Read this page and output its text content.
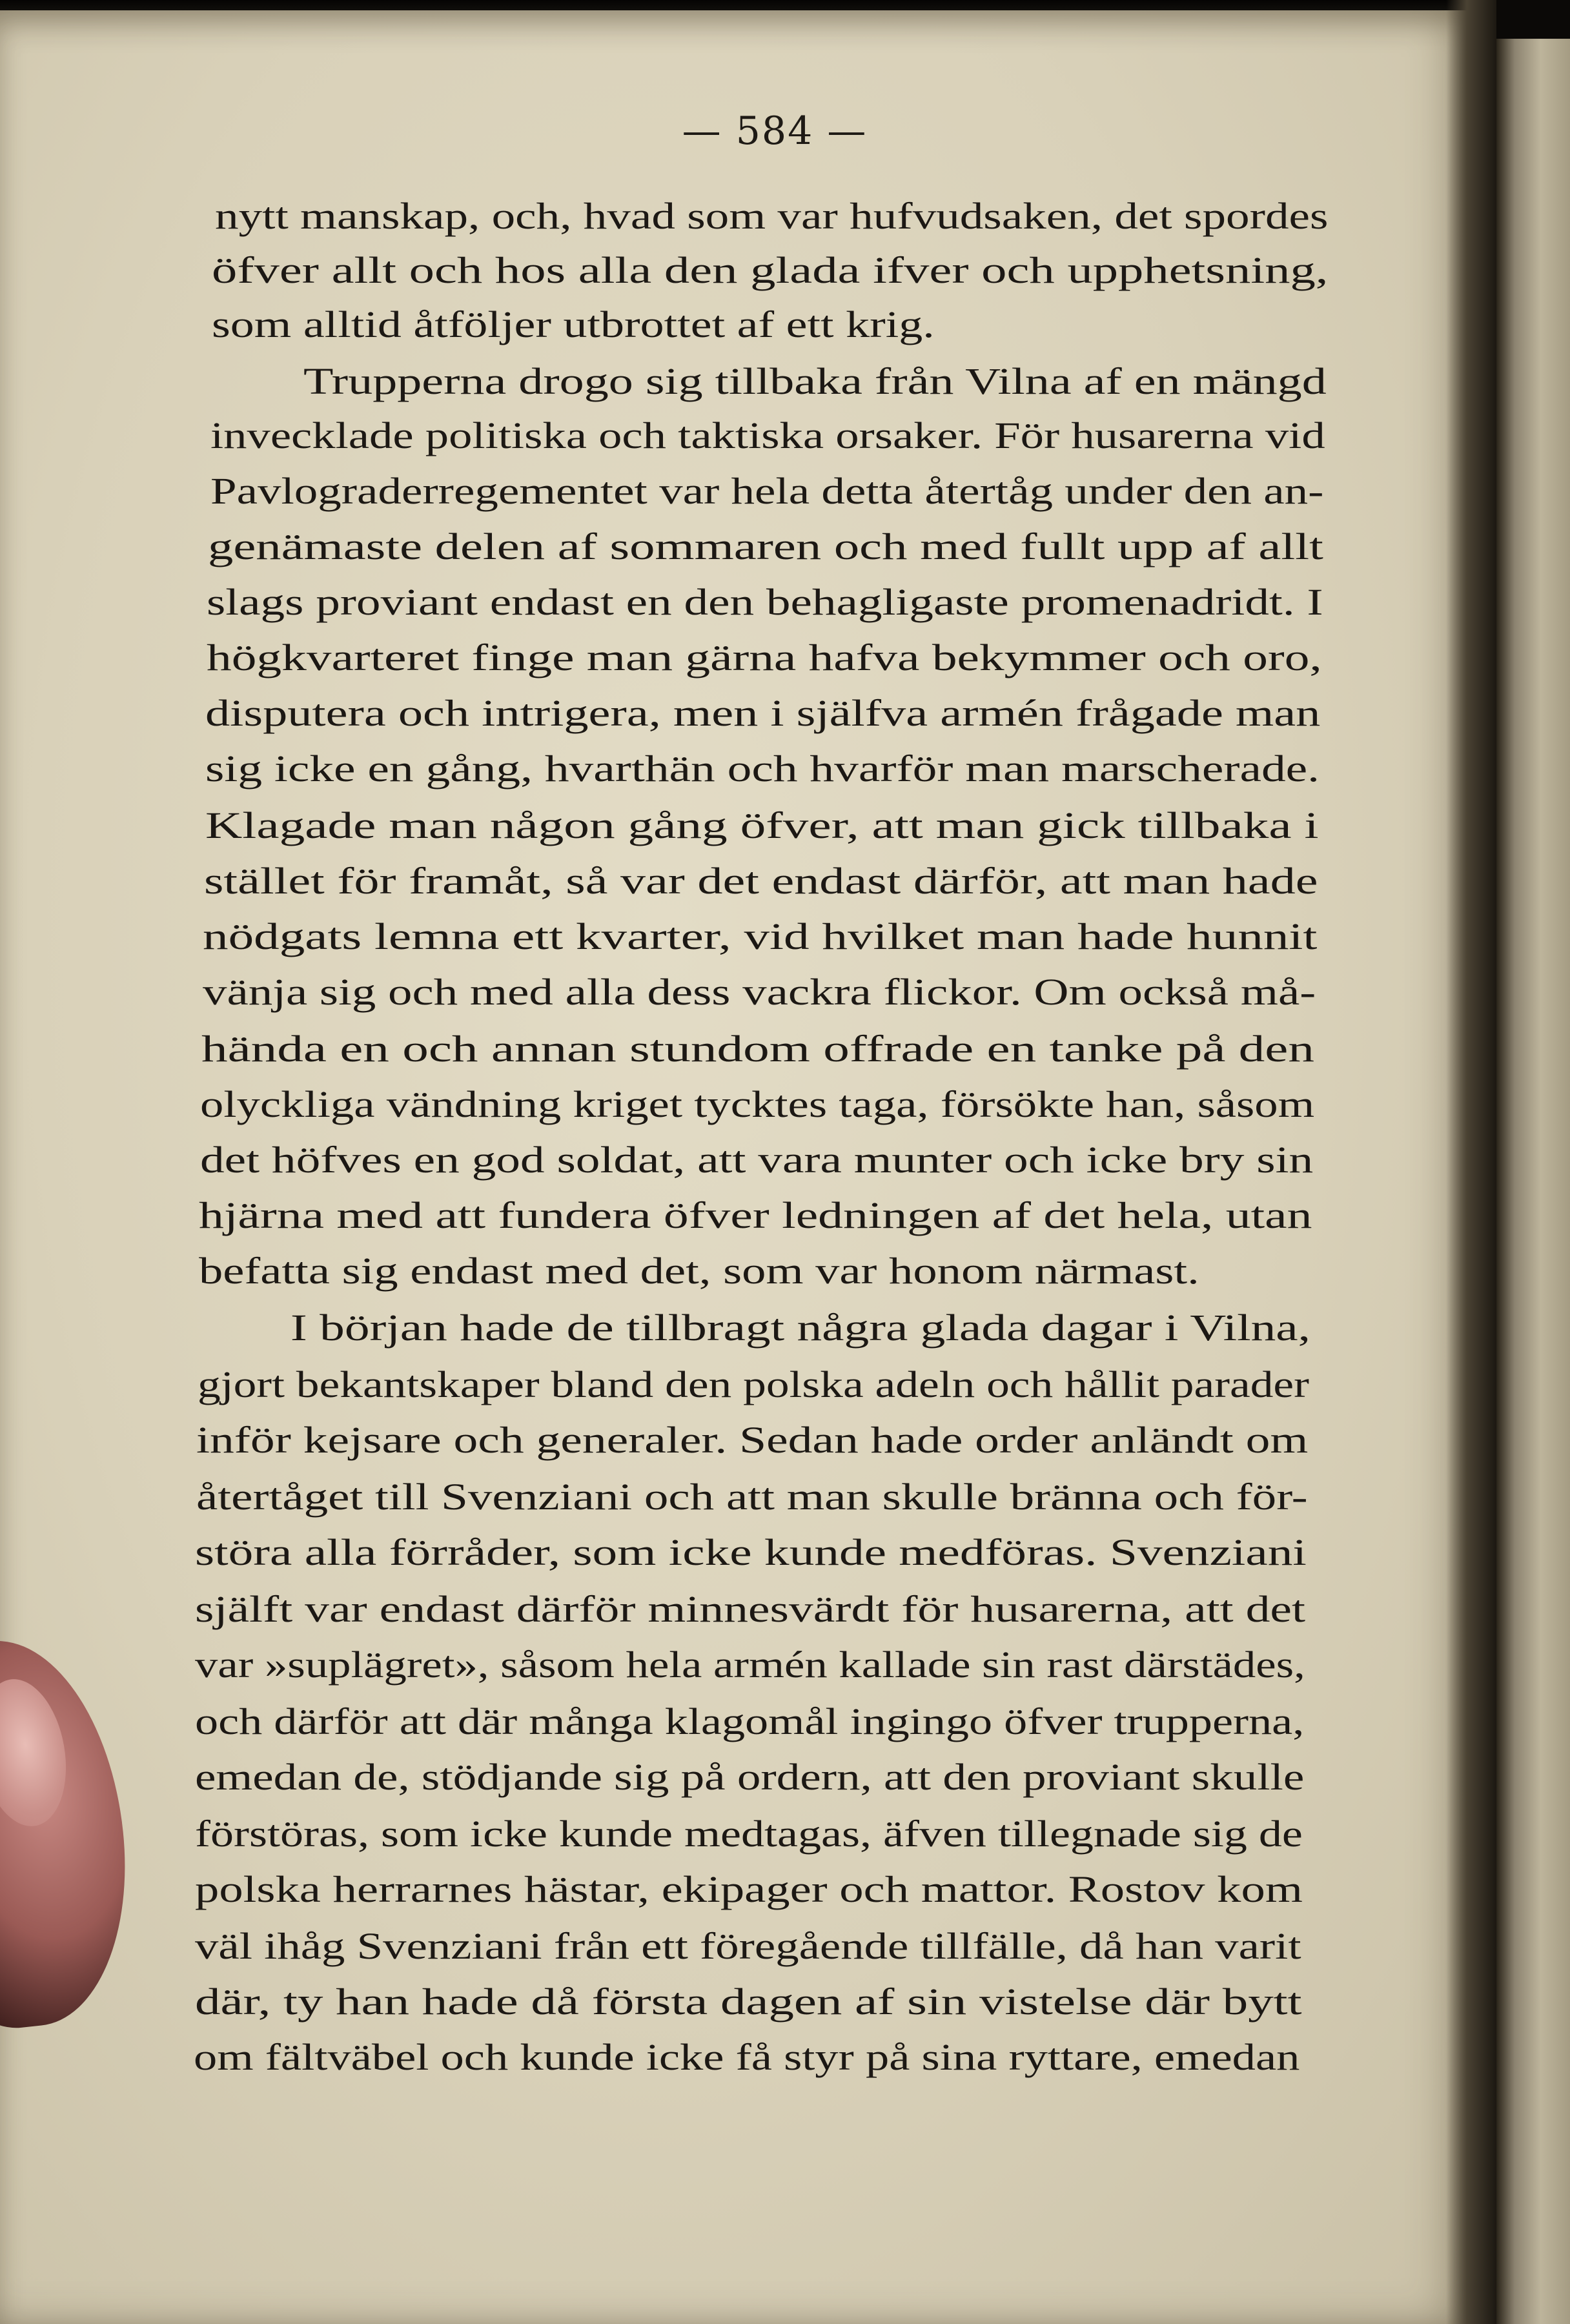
— 584 —
nytt manskap, och, hvad som var hufvudsaken, det spordes
öfver allt och hos alla den glada ifver och upphetsning,
som alltid åtföljer utbrottet af ett krig.
Trupperna drogo sig tillbaka från Vilna af en mängd
invecklade politiska och taktiska orsaker. För husarerna vid
Pavlograderregementet var hela detta återtåg under den an-
genämaste delen af sommaren och med fullt upp af allt
slags proviant endast en den behagligaste promenadridt. I
högkvarteret finge man gärna hafva bekymmer och oro,
disputera och intrigera, men i själfva armén frågade man
sig icke en gång, hvarthän och hvarför man marscherade.
Klagade man någon gång öfver, att man gick tillbaka i
stället för framåt, så var det endast därför, att man hade
nödgats lemna ett kvarter, vid hvilket man hade hunnit
vänja sig och med alla dess vackra flickor. Om också må-
hända en och annan stundom offrade en tanke på den
olyckliga vändning kriget tycktes taga, försökte han, såsom
det höfves en god soldat, att vara munter och icke bry sin
hjärna med att fundera öfver ledningen af det hela, utan
befatta sig endast med det, som var honom närmast.
I början hade de tillbragt några glada dagar i Vilna,
gjort bekantskaper bland den polska adeln och hållit parader
inför kejsare och generaler. Sedan hade order anländt om
återtåget till Svenziani och att man skulle bränna och för-
störa alla förråder, som icke kunde medföras. Svenziani
själft var endast därför minnesvärdt för husarerna, att det
var »suplägret», såsom hela armén kallade sin rast därstädes,
och därför att där många klagomål ingingo öfver trupperna,
emedan de, stödjande sig på ordern, att den proviant skulle
förstöras, som icke kunde medtagas, äfven tillegnade sig de
polska herrarnes hästar, ekipager och mattor. Rostov kom
väl ihåg Svenziani från ett föregående tillfälle, då han varit
där, ty han hade då första dagen af sin vistelse där bytt
om fältväbel och kunde icke få styr på sina ryttare, emedan
